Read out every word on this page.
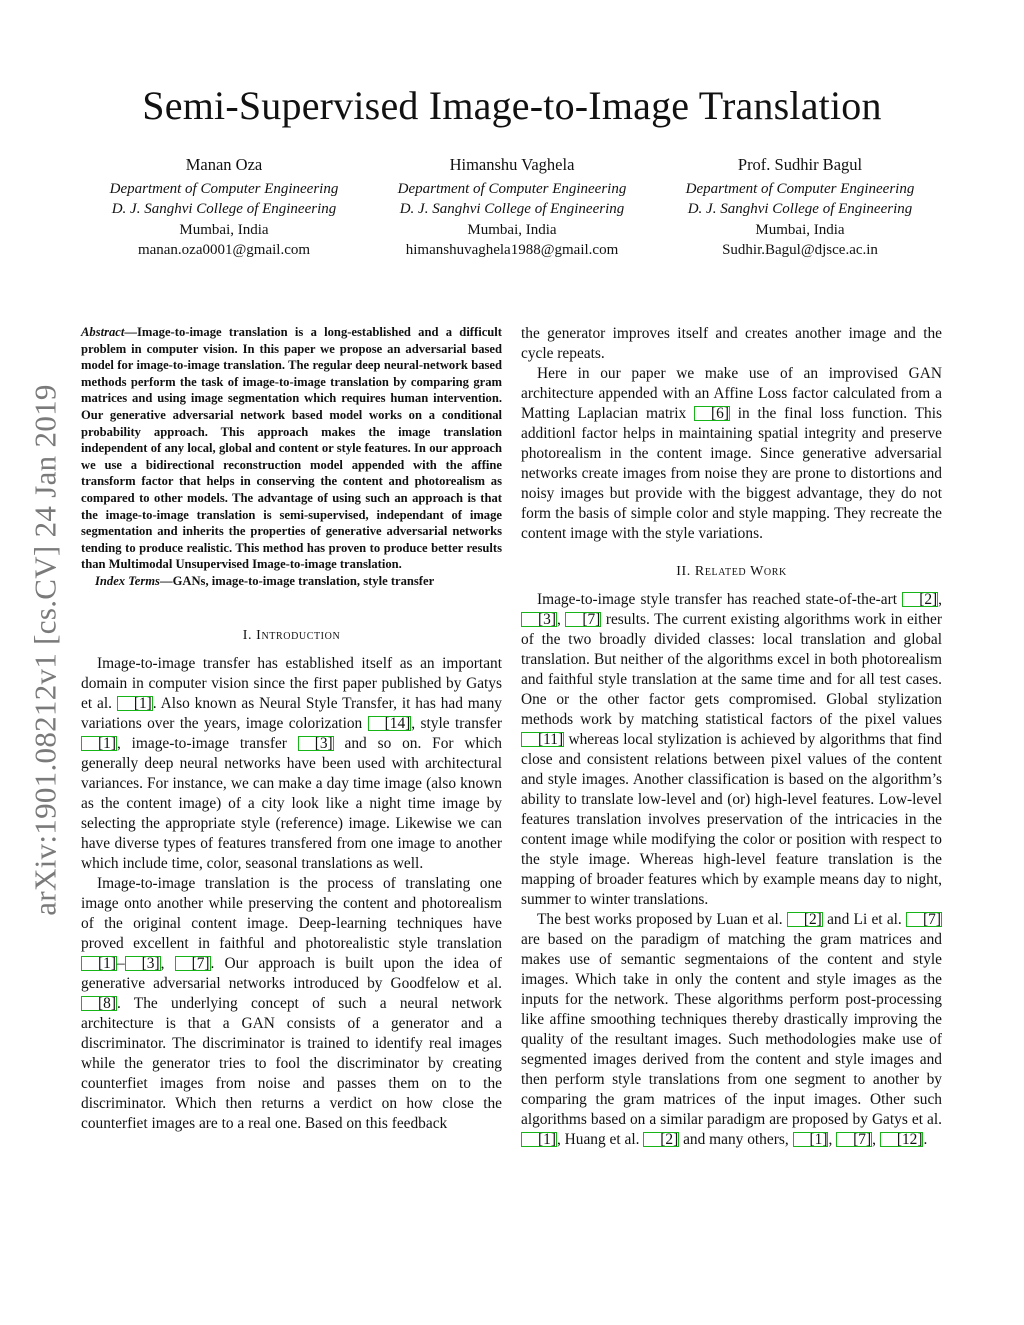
arXiv:1901.08212v1 [cs.CV] 24 Jan 2019
Semi-Supervised Image-to-Image Translation
Manan Oza
Department of Computer Engineering
D. J. Sanghvi College of Engineering
Mumbai, India
manan.oza0001@gmail.com
Himanshu Vaghela
Department of Computer Engineering
D. J. Sanghvi College of Engineering
Mumbai, India
himanshuvaghela1988@gmail.com
Prof. Sudhir Bagul
Department of Computer Engineering
D. J. Sanghvi College of Engineering
Mumbai, India
Sudhir.Bagul@djsce.ac.in

Abstract—Image-to-image translation is a long-established and a difficult problem in computer vision. In this paper we propose an adversarial based model for image-to-image translation. The regular deep neural-network based methods perform the task of image-to-image translation by comparing gram matrices and using image segmentation which requires human intervention. Our generative adversarial network based model works on a conditional probability approach. This approach makes the image translation independent of any local, global and content or style features. In our approach we use a bidirectional reconstruction model appended with the affine transform factor that helps in conserving the content and photorealism as compared to other models. The advantage of using such an approach is that the image-to-image translation is semi-supervised, independant of image segmentation and inherits the properties of generative adversarial networks tending to produce realistic. This method has proven to produce better results than Multimodal Unsupervised Image-to-image translation.

Index Terms—GANs, image-to-image translation, style transfer

I. Introduction

Image-to-image transfer has established itself as an important domain in computer vision since the first paper published by Gatys et al. [1]. Also known as Neural Style Transfer, it has had many variations over the years, image colorization [14], style transfer [1], image-to-image transfer [3] and so on. For which generally deep neural networks have been used with architectural variances. For instance, we can make a day time image (also known as the content image) of a city look like a night time image by selecting the appropriate style (reference) image. Likewise we can have diverse types of features transfered from one image to another which include time, color, seasonal translations as well.

Image-to-image translation is the process of translating one image onto another while preserving the content and photorealism of the original content image. Deep-learning techniques have proved excellent in faithful and photorealistic style translation [1]– [3], [7]. Our approach is built upon the idea of generative adversarial networks introduced by Goodfelow et al. [8]. The underlying concept of such a neural network architecture is that a GAN consists of a generator and a discriminator. The discriminator is trained to identify real images while the generator tries to fool the discriminator by creating counterfiet images from noise and passes them on to the discriminator. Which then returns a verdict on how close the counterfiet images are to a real one. Based on this feedback

the generator improves itself and creates another image and the cycle repeats.

Here in our paper we make use of an improvised GAN architecture appended with an Affine Loss factor calculated from a Matting Laplacian matrix [6] in the final loss function. This additionl factor helps in maintaining spatial integrity and preserve photorealism in the content image. Since generative adversarial networks create images from noise they are prone to distortions and noisy images but provide with the biggest advantage, they do not form the basis of simple color and style mapping. They recreate the content image with the style variations.

II. Related Work

Image-to-image style transfer has reached state-of-the-art [2], [3], [7] results. The current existing algorithms work in either of the two broadly divided classes: local translation and global translation. But neither of the algorithms excel in both photorealism and faithful style translation at the same time and for all test cases. One or the other factor gets compromised. Global stylization methods work by matching statistical factors of the pixel values [11] whereas local stylization is achieved by algorithms that find close and consistent relations between pixel values of the content and style images. Another classification is based on the algorithm’s ability to translate low-level and (or) high-level features. Low-level features translation involves preservation of the intricacies in the content image while modifying the color or position with respect to the style image. Whereas high-level feature translation is the mapping of broader features which by example means day to night, summer to winter translations.

The best works proposed by Luan et al. [2] and Li et al. [7] are based on the paradigm of matching the gram matrices and makes use of semantic segmentaions of the content and style images. Which take in only the content and style images as the inputs for the network. These algorithms perform post-processing like affine smoothing techniques thereby drastically improving the quality of the resultant images. Such methodologies make use of segmented images derived from the content and style images and then perform style translations from one segment to another by comparing the gram matrices of the input images. Other such algorithms based on a similar paradigm are proposed by Gatys et al. [1], Huang et al. [2] and many others, [1], [7], [12].
